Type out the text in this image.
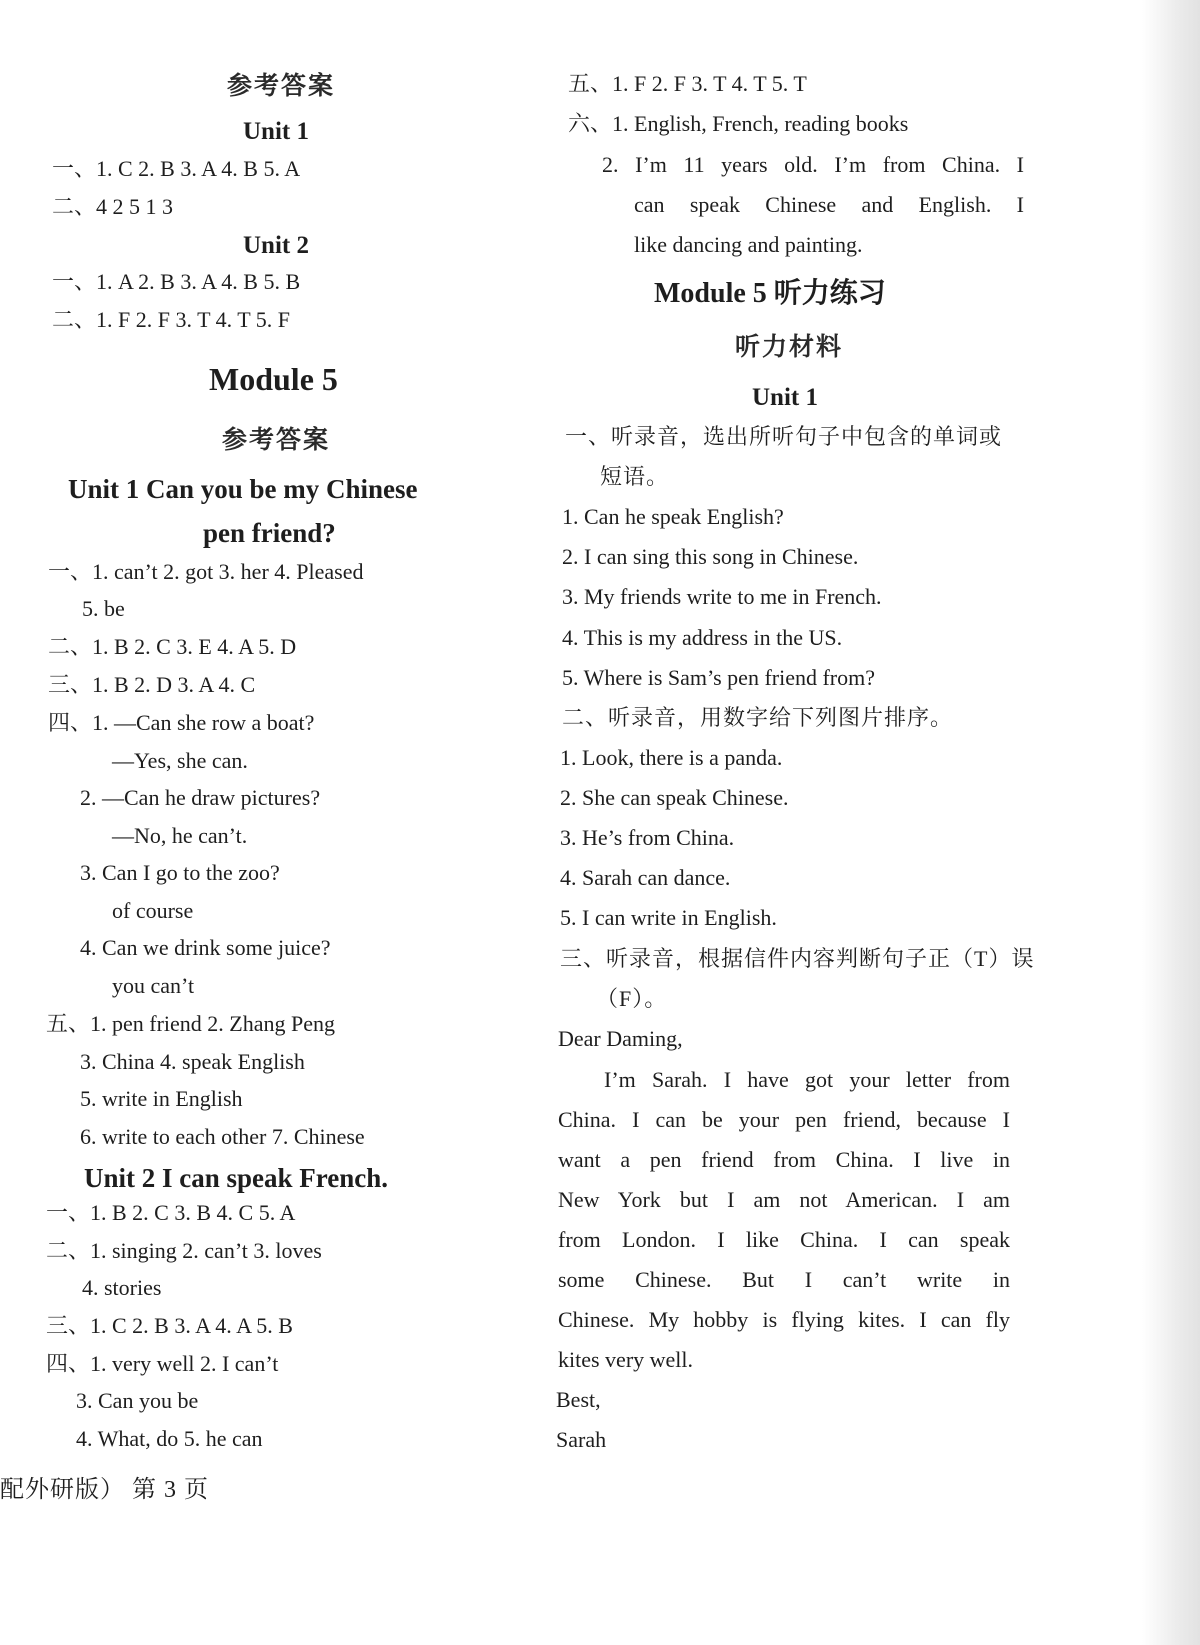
参考答案
Unit 1
一、1. C 2. B 3. A 4. B 5. A
二、4 2 5 1 3
Unit 2
一、1. A 2. B 3. A 4. B 5. B
二、1. F 2. F 3. T 4. T 5. F
Module 5
参考答案
Unit 1 Can you be my Chinese
pen friend?
一、1. can’t 2. got 3. her 4. Pleased
5. be
二、1. B 2. C 3. E 4. A 5. D
三、1. B 2. D 3. A 4. C
四、1. —Can she row a boat?
—Yes, she can.
2. —Can he draw pictures?
—No, he can’t.
3. Can I go to the zoo?
of course
4. Can we drink some juice?
you can’t
五、1. pen friend 2. Zhang Peng
3. China 4. speak English
5. write in English
6. write to each other 7. Chinese
Unit 2 I can speak French.
一、1. B 2. C 3. B 4. C 5. A
二、1. singing 2. can’t 3. loves
4. stories
三、1. C 2. B 3. A 4. A 5. B
四、1. very well 2. I can’t
3. Can you be
4. What, do 5. he can
配外研版） 第 3 页
五、1. F 2. F 3. T 4. T 5. T
六、1. English, French, reading books
2. I’m 11 years old. I’m from China. I
can speak Chinese and English. I
like dancing and painting.
Module 5 听力练习
听力材料
Unit 1
一、听录音，选出所听句子中包含的单词或
短语。
1. Can he speak English?
2. I can sing this song in Chinese.
3. My friends write to me in French.
4. This is my address in the US.
5. Where is Sam’s pen friend from?
二、听录音，用数字给下列图片排序。
1. Look, there is a panda.
2. She can speak Chinese.
3. He’s from China.
4. Sarah can dance.
5. I can write in English.
三、听录音，根据信件内容判断句子正（T）误
（F）。
Dear Daming,
I’m Sarah. I have got your letter from
China. I can be your pen friend, because I
want a pen friend from China. I live in
New York but I am not American. I am
from London. I like China. I can speak
some Chinese. But I can’t write in
Chinese. My hobby is flying kites. I can fly
kites very well.
Best,
Sarah
